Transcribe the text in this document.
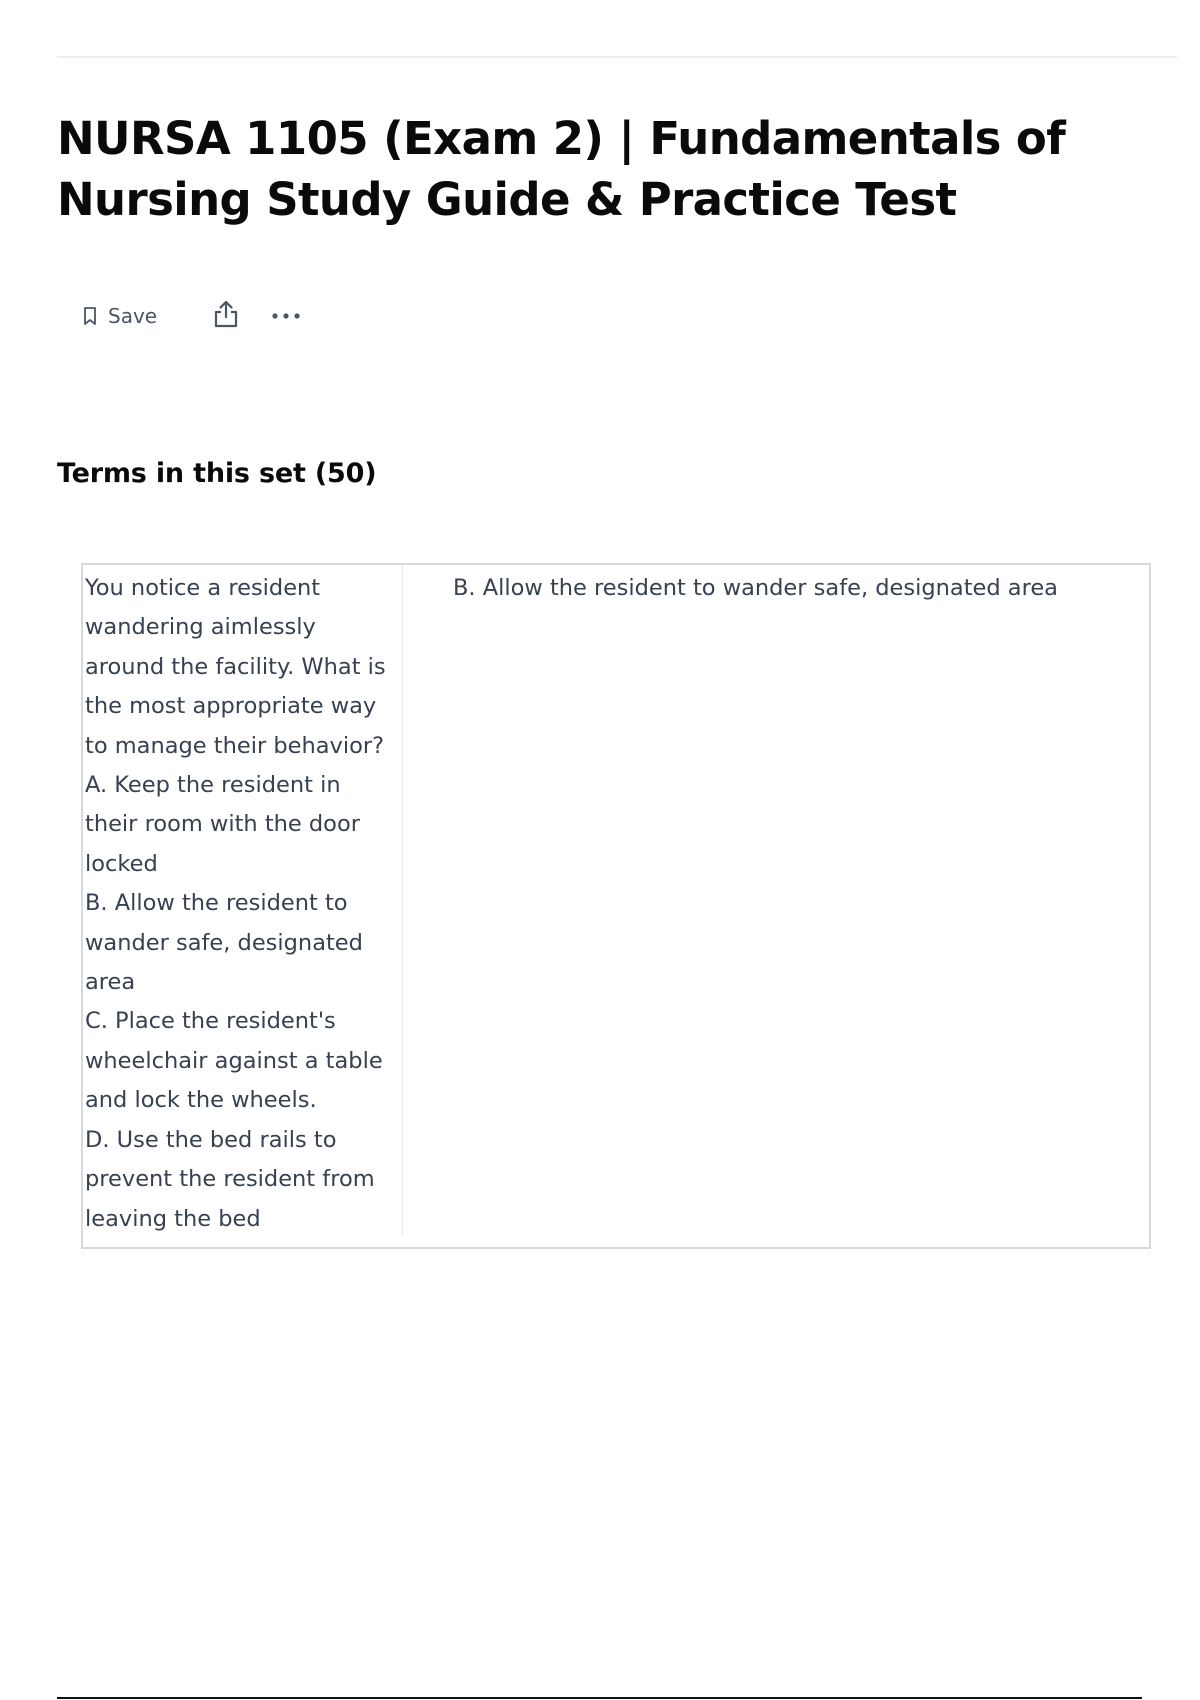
NURSA 1105 (Exam 2) | Fundamentals of Nursing Study Guide & Practice Test
Save
Terms in this set (50)

You notice a resident
wandering aimlessly
around the facility. What is
the most appropriate way
to manage their behavior?
A. Keep the resident in
their room with the door
locked
B. Allow the resident to
wander safe, designated
area
C. Place the resident's
wheelchair against a table
and lock the wheels.
D. Use the bed rails to
prevent the resident from
leaving the bed

B. Allow the resident to wander safe, designated area
